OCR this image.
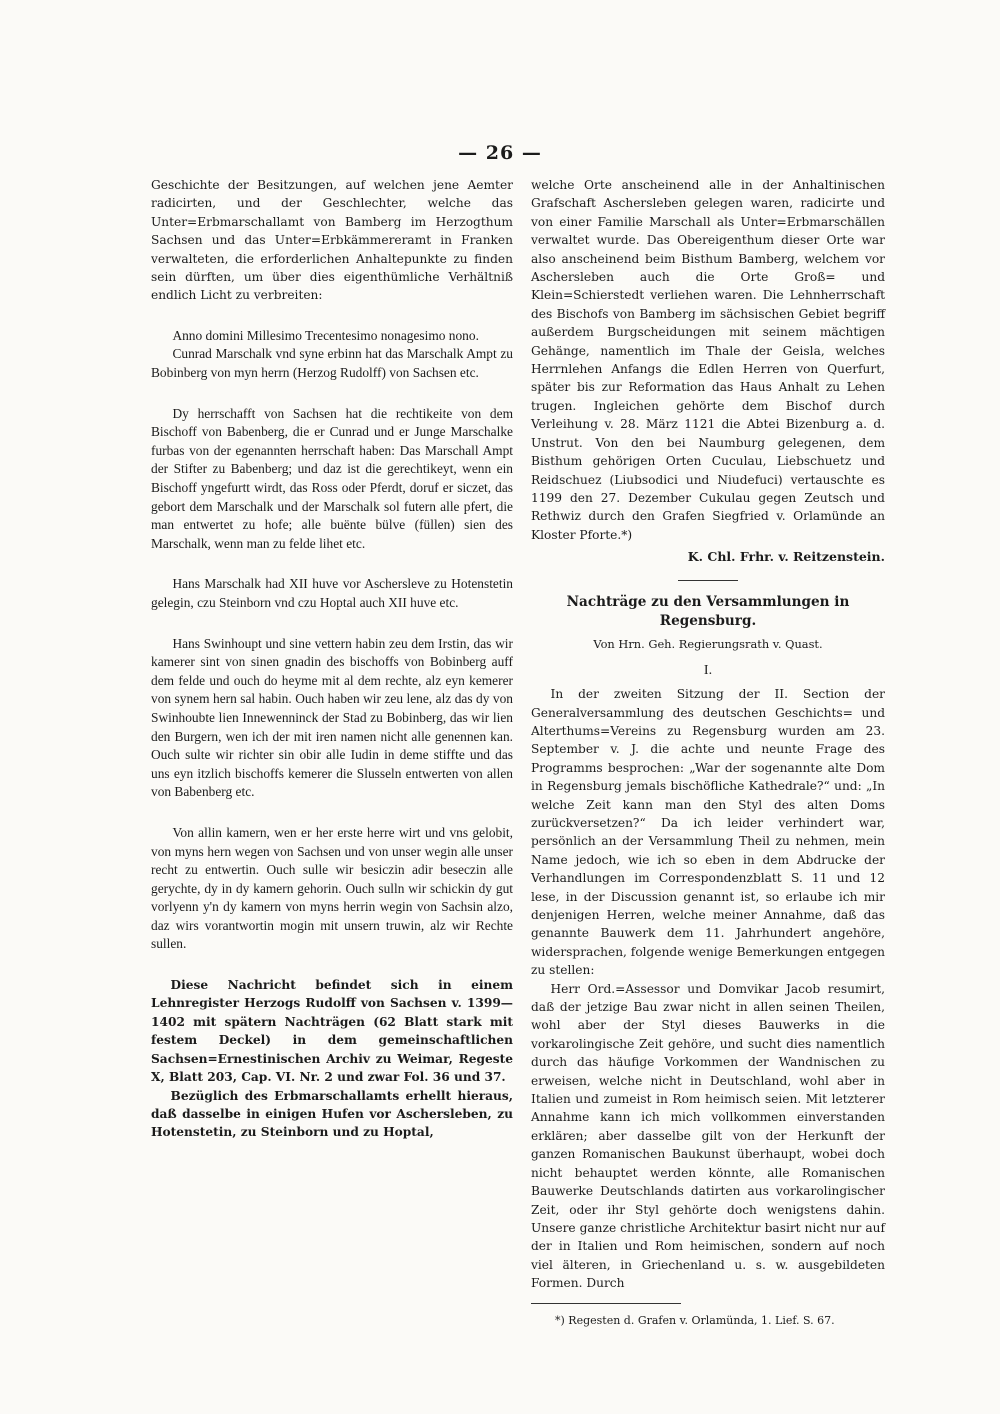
— 26 —

Geschichte der Besitzungen, auf welchen jene Aemter radicirten, und der Geschlechter, welche das Unter=Erbmarschallamt von Bamberg im Herzogthum Sachsen und das Unter=Erbkämmereramt in Franken verwalteten, die erforderlichen Anhaltepunkte zu finden sein dürften, um über dies eigenthümliche Verhältniß endlich Licht zu verbreiten:

Anno domini Millesimo Trecentesimo nonagesimo nono.

Cunrad Marschalk vnd syne erbinn hat das Marschalk Ampt zu Bobinberg von myn herrn (Herzog Rudolff) von Sachsen etc.

Dy herrschafft von Sachsen hat die rechtikeite von dem Bischoff von Babenberg, die er Cunrad und er Junge Marschalke furbas von der egenannten herrschaft haben: Das Marschall Ampt der Stifter zu Babenberg; und daz ist die gerechtikeyt, wenn ein Bischoff yngefurtt wirdt, das Ross oder Pferdt, doruf er siczet, das gebort dem Marschalk und der Marschalk sol futern alle pfert, die man entwertet zu hofe; alle buënte bülve (füllen) sien des Marschalk, wenn man zu felde lihet etc.

Hans Marschalk had XII huve vor Aschersleve zu Hotenstetin gelegin, czu Steinborn vnd czu Hoptal auch XII huve etc.

Hans Swinhoupt und sine vettern habin zeu dem Irstin, das wir kamerer sint von sinen gnadin des bischoffs von Bobinberg auff dem felde und ouch do heyme mit al dem rechte, alz eyn kemerer von synem hern sal habin. Ouch haben wir zeu lene, alz das dy von Swinhoubte lien Innewenninck der Stad zu Bobinberg, das wir lien den Burgern, wen ich der mit iren namen nicht alle genennen kan. Ouch sulte wir richter sin obir alle Iudin in deme stiffte und das uns eyn itzlich bischoffs kemerer die Slusseln entwerten von allen von Babenberg etc.

Von allin kamern, wen er her erste herre wirt und vns gelobit, von myns hern wegen von Sachsen und von unser wegin alle unser recht zu entwertin. Ouch sulle wir besiczin adir beseczin alle gerychte, dy in dy kamern gehorin. Ouch sulln wir schickin dy gut vorlyenn y'n dy kamern von myns herrin wegin von Sachsin alzo, daz wirs vorantwortin mogin mit unsern truwin, alz wir Rechte sullen.

Diese Nachricht befindet sich in einem Lehnregister Herzogs Rudolff von Sachsen v. 1399—1402 mit spätern Nachträgen (62 Blatt stark mit festem Deckel) in dem gemeinschaftlichen Sachsen=Ernestinischen Archiv zu Weimar, Regeste X, Blatt 203, Cap. VI. Nr. 2 und zwar Fol. 36 und 37.

Bezüglich des Erbmarschallamts erhellt hieraus, daß dasselbe in einigen Hufen vor Aschersleben, zu Hotenstetin, zu Steinborn und zu Hoptal,

welche Orte anscheinend alle in der Anhaltinischen Grafschaft Aschersleben gelegen waren, radicirte und von einer Familie Marschall als Unter=Erbmarschällen verwaltet wurde. Das Obereigenthum dieser Orte war also anscheinend beim Bisthum Bamberg, welchem vor Aschersleben auch die Orte Groß= und Klein=Schierstedt verliehen waren. Die Lehnherrschaft des Bischofs von Bamberg im sächsischen Gebiet begriff außerdem Burgscheidungen mit seinem mächtigen Gehänge, namentlich im Thale der Geisla, welches Herrnlehen Anfangs die Edlen Herren von Querfurt, später bis zur Reformation das Haus Anhalt zu Lehen trugen. Ingleichen gehörte dem Bischof durch Verleihung v. 28. März 1121 die Abtei Bizenburg a. d. Unstrut. Von den bei Naumburg gelegenen, dem Bisthum gehörigen Orten Cuculau, Liebschuetz und Reidschuez (Liubsodici und Niudefuci) vertauschte es 1199 den 27. Dezember Cukulau gegen Zeutsch und Rethwiz durch den Grafen Siegfried v. Orlamünde an Kloster Pforte.*)

K. Chl. Frhr. v. Reitzenstein.
Nachträge zu den Versammlungen in Regensburg.
Von Hrn. Geh. Regierungsrath v. Quast.
I.

In der zweiten Sitzung der II. Section der Generalversammlung des deutschen Geschichts= und Alterthums=Vereins zu Regensburg wurden am 23. September v. J. die achte und neunte Frage des Programms besprochen: „War der sogenannte alte Dom in Regensburg jemals bischöfliche Kathedrale?“ und: „In welche Zeit kann man den Styl des alten Doms zurückversetzen?“ Da ich leider verhindert war, persönlich an der Versammlung Theil zu nehmen, mein Name jedoch, wie ich so eben in dem Abdrucke der Verhandlungen im Correspondenzblatt S. 11 und 12 lese, in der Discussion genannt ist, so erlaube ich mir denjenigen Herren, welche meiner Annahme, daß das genannte Bauwerk dem 11. Jahrhundert angehöre, widersprachen, folgende wenige Bemerkungen entgegen zu stellen:

Herr Ord.=Assessor und Domvikar Jacob resumirt, daß der jetzige Bau zwar nicht in allen seinen Theilen, wohl aber der Styl dieses Bauwerks in die vorkarolingische Zeit gehöre, und sucht dies namentlich durch das häufige Vorkommen der Wandnischen zu erweisen, welche nicht in Deutschland, wohl aber in Italien und zumeist in Rom heimisch seien. Mit letzterer Annahme kann ich mich vollkommen einverstanden erklären; aber dasselbe gilt von der Herkunft der ganzen Romanischen Baukunst überhaupt, wobei doch nicht behauptet werden könnte, alle Romanischen Bauwerke Deutschlands datirten aus vorkarolingischer Zeit, oder ihr Styl gehörte doch wenigstens dahin. Unsere ganze christliche Architektur basirt nicht nur auf der in Italien und Rom heimischen, sondern auf noch viel älteren, in Griechenland u. s. w. ausgebildeten Formen. Durch

*) Regesten d. Grafen v. Orlamünda, 1. Lief. S. 67.
